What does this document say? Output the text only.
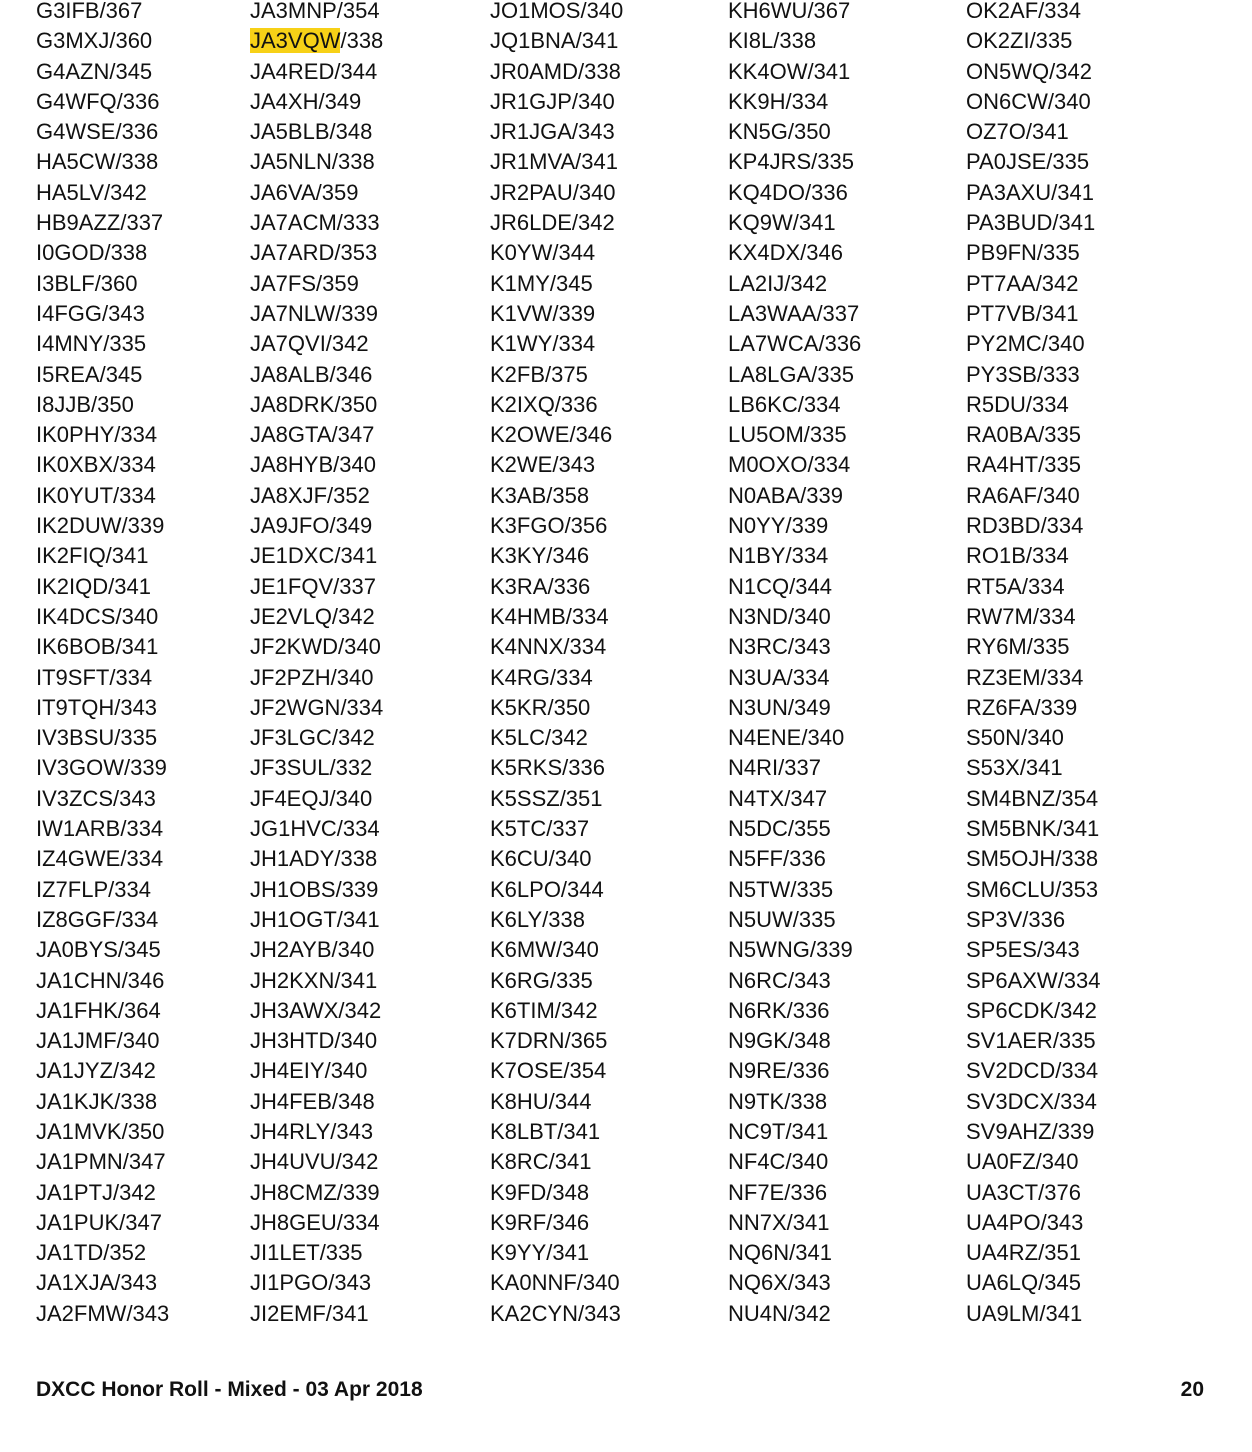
G3IFB/367
G3MXJ/360
G4AZN/345
G4WFQ/336
G4WSE/336
HA5CW/338
HA5LV/342
HB9AZZ/337
I0GOD/338
I3BLF/360
I4FGG/343
I4MNY/335
I5REA/345
I8JJB/350
IK0PHY/334
IK0XBX/334
IK0YUT/334
IK2DUW/339
IK2FIQ/341
IK2IQD/341
IK4DCS/340
IK6BOB/341
IT9SFT/334
IT9TQH/343
IV3BSU/335
IV3GOW/339
IV3ZCS/343
IW1ARB/334
IZ4GWE/334
IZ7FLP/334
IZ8GGF/334
JA0BYS/345
JA1CHN/346
JA1FHK/364
JA1JMF/340
JA1JYZ/342
JA1KJK/338
JA1MVK/350
JA1PMN/347
JA1PTJ/342
JA1PUK/347
JA1TD/352
JA1XJA/343
JA2FMW/343
JA3MNP/354
JA3VQW/338
JA4RED/344
JA4XH/349
JA5BLB/348
JA5NLN/338
JA6VA/359
JA7ACM/333
JA7ARD/353
JA7FS/359
JA7NLW/339
JA7QVI/342
JA8ALB/346
JA8DRK/350
JA8GTA/347
JA8HYB/340
JA8XJF/352
JA9JFO/349
JE1DXC/341
JE1FQV/337
JE2VLQ/342
JF2KWD/340
JF2PZH/340
JF2WGN/334
JF3LGC/342
JF3SUL/332
JF4EQJ/340
JG1HVC/334
JH1ADY/338
JH1OBS/339
JH1OGT/341
JH2AYB/340
JH2KXN/341
JH3AWX/342
JH3HTD/340
JH4EIY/340
JH4FEB/348
JH4RLY/343
JH4UVU/342
JH8CMZ/339
JH8GEU/334
JI1LET/335
JI1PGO/343
JI2EMF/341
JO1MOS/340
JQ1BNA/341
JR0AMD/338
JR1GJP/340
JR1JGA/343
JR1MVA/341
JR2PAU/340
JR6LDE/342
K0YW/344
K1MY/345
K1VW/339
K1WY/334
K2FB/375
K2IXQ/336
K2OWE/346
K2WE/343
K3AB/358
K3FGO/356
K3KY/346
K3RA/336
K4HMB/334
K4NNX/334
K4RG/334
K5KR/350
K5LC/342
K5RKS/336
K5SSZ/351
K5TC/337
K6CU/340
K6LPO/344
K6LY/338
K6MW/340
K6RG/335
K6TIM/342
K7DRN/365
K7OSE/354
K8HU/344
K8LBT/341
K8RC/341
K9FD/348
K9RF/346
K9YY/341
KA0NNF/340
KA2CYN/343
KH6WU/367
KI8L/338
KK4OW/341
KK9H/334
KN5G/350
KP4JRS/335
KQ4DO/336
KQ9W/341
KX4DX/346
LA2IJ/342
LA3WAA/337
LA7WCA/336
LA8LGA/335
LB6KC/334
LU5OM/335
M0OXO/334
N0ABA/339
N0YY/339
N1BY/334
N1CQ/344
N3ND/340
N3RC/343
N3UA/334
N3UN/349
N4ENE/340
N4RI/337
N4TX/347
N5DC/355
N5FF/336
N5TW/335
N5UW/335
N5WNG/339
N6RC/343
N6RK/336
N9GK/348
N9RE/336
N9TK/338
NC9T/341
NF4C/340
NF7E/336
NN7X/341
NQ6N/341
NQ6X/343
NU4N/342
OK2AF/334
OK2ZI/335
ON5WQ/342
ON6CW/340
OZ7O/341
PA0JSE/335
PA3AXU/341
PA3BUD/341
PB9FN/335
PT7AA/342
PT7VB/341
PY2MC/340
PY3SB/333
R5DU/334
RA0BA/335
RA4HT/335
RA6AF/340
RD3BD/334
RO1B/334
RT5A/334
RW7M/334
RY6M/335
RZ3EM/334
RZ6FA/339
S50N/340
S53X/341
SM4BNZ/354
SM5BNK/341
SM5OJH/338
SM6CLU/353
SP3V/336
SP5ES/343
SP6AXW/334
SP6CDK/342
SV1AER/335
SV2DCD/334
SV3DCX/334
SV9AHZ/339
UA0FZ/340
UA3CT/376
UA4PO/343
UA4RZ/351
UA6LQ/345
UA9LM/341
DXCC Honor Roll - Mixed - 03 Apr 2018	20
